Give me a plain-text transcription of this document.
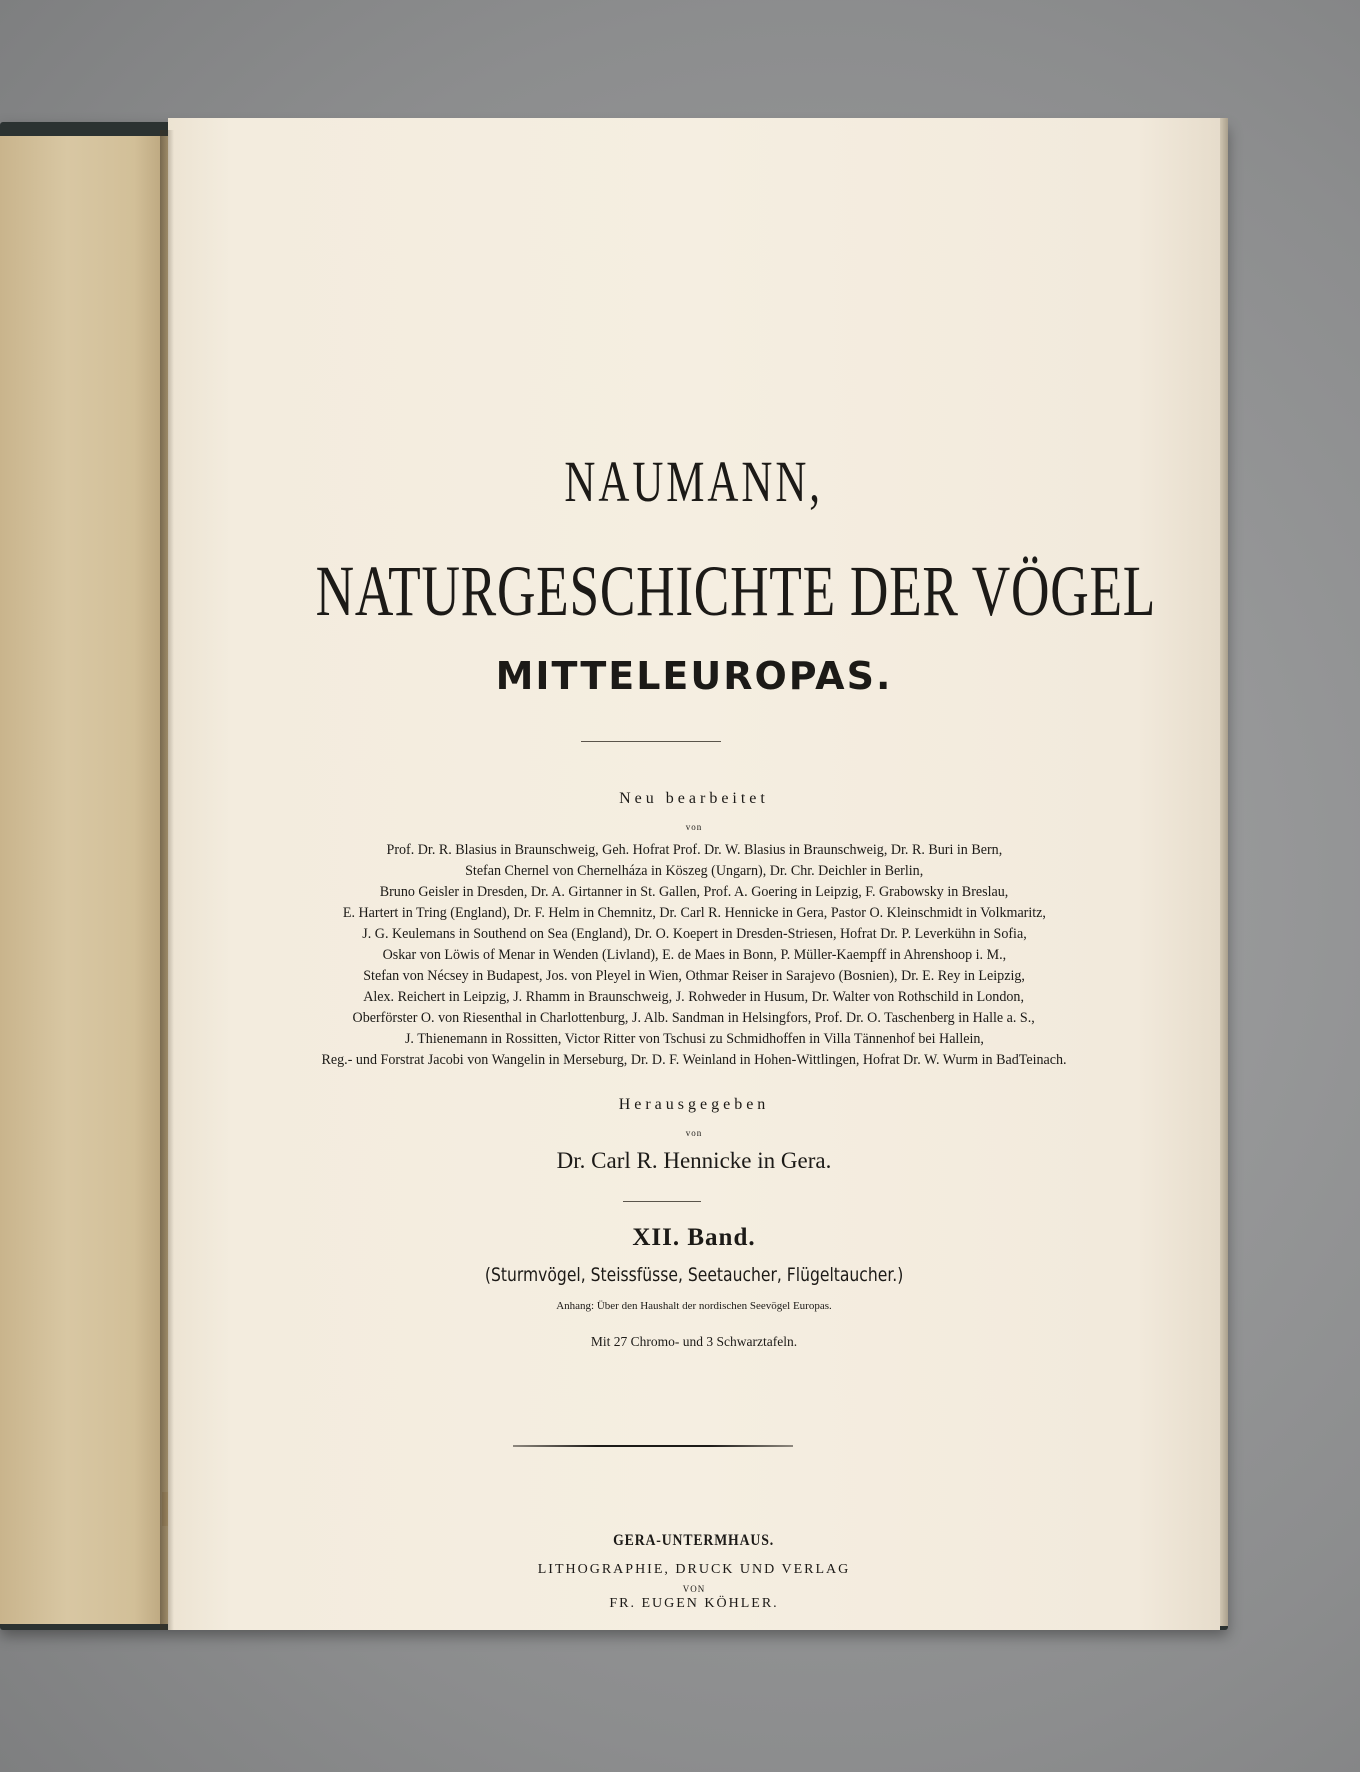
NAUMANN,
NATURGESCHICHTE DER VÖGEL
MITTELEUROPAS.
Neu bearbeitet
von
Prof. Dr. R. Blasius in Braunschweig, Geh. Hofrat Prof. Dr. W. Blasius in Braunschweig, Dr. R. Buri in Bern,
Stefan Chernel von Chernelháza in Köszeg (Ungarn), Dr. Chr. Deichler in Berlin,
Bruno Geisler in Dresden, Dr. A. Girtanner in St. Gallen, Prof. A. Goering in Leipzig, F. Grabowsky in Breslau,
E. Hartert in Tring (England), Dr. F. Helm in Chemnitz, Dr. Carl R. Hennicke in Gera, Pastor O. Kleinschmidt in Volkmaritz,
J. G. Keulemans in Southend on Sea (England), Dr. O. Koepert in Dresden-Striesen, Hofrat Dr. P. Leverkühn in Sofia,
Oskar von Löwis of Menar in Wenden (Livland), E. de Maes in Bonn, P. Müller-Kaempff in Ahrenshoop i. M.,
Stefan von Nécsey in Budapest, Jos. von Pleyel in Wien, Othmar Reiser in Sarajevo (Bosnien), Dr. E. Rey in Leipzig,
Alex. Reichert in Leipzig, J. Rhamm in Braunschweig, J. Rohweder in Husum, Dr. Walter von Rothschild in London,
Oberförster O. von Riesenthal in Charlottenburg, J. Alb. Sandman in Helsingfors, Prof. Dr. O. Taschenberg in Halle a. S.,
J. Thienemann in Rossitten, Victor Ritter von Tschusi zu Schmidhoffen in Villa Tännenhof bei Hallein,
Reg.- und Forstrat Jacobi von Wangelin in Merseburg, Dr. D. F. Weinland in Hohen-Wittlingen, Hofrat Dr. W. Wurm in BadTeinach.
Herausgegeben
von
Dr. Carl R. Hennicke in Gera.
XII. Band.
(Sturmvögel, Steissfüsse, Seetaucher, Flügeltaucher.)
Anhang: Über den Haushalt der nordischen Seevögel Europas.
Mit 27 Chromo- und 3 Schwarztafeln.
GERA-UNTERMHAUS.
LITHOGRAPHIE, DRUCK UND VERLAG
VON
FR. EUGEN KÖHLER.
